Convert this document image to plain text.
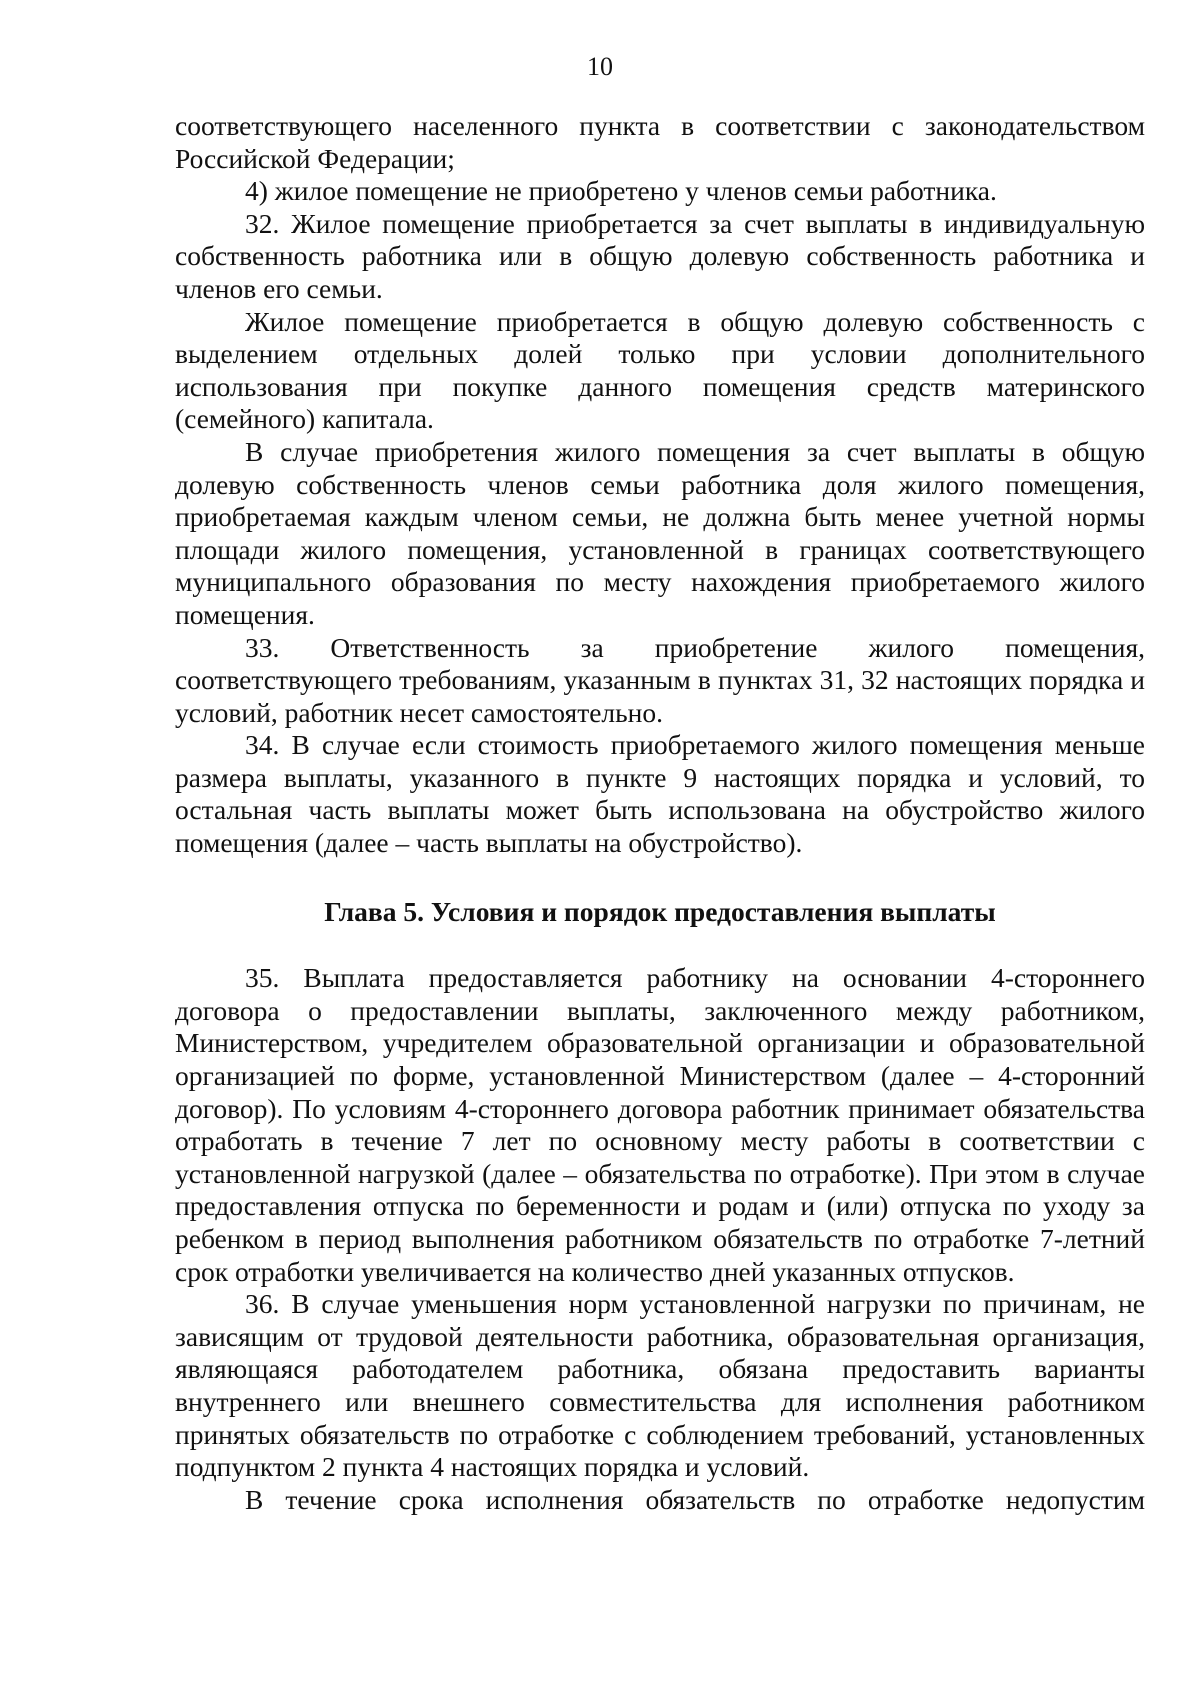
10

соответствующего населенного пункта в соответствии с законодательством Российской Федерации;

4) жилое помещение не приобретено у членов семьи работника.

32. Жилое помещение приобретается за счет выплаты в индивидуальную собственность работника или в общую долевую собственность работника и членов его семьи.

Жилое помещение приобретается в общую долевую собственность с выделением отдельных долей только при условии дополнительного использования при покупке данного помещения средств материнского (семейного) капитала.

В случае приобретения жилого помещения за счет выплаты в общую долевую собственность членов семьи работника доля жилого помещения, приобретаемая каждым членом семьи, не должна быть менее учетной нормы площади жилого помещения, установленной в границах соответствующего муниципального образования по месту нахождения приобретаемого жилого помещения.

33. Ответственность за приобретение жилого помещения, соответствующего требованиям, указанным в пунктах 31, 32 настоящих порядка и условий, работник несет самостоятельно.

34. В случае если стоимость приобретаемого жилого помещения меньше размера выплаты, указанного в пункте 9 настоящих порядка и условий, то остальная часть выплаты может быть использована на обустройство жилого помещения (далее – часть выплаты на обустройство).

Глава 5. Условия и порядок предоставления выплаты

35. Выплата предоставляется работнику на основании 4-стороннего договора о предоставлении выплаты, заключенного между работником, Министерством, учредителем образовательной организации и образовательной организацией по форме, установленной Министерством (далее – 4-сторонний договор). По условиям 4-стороннего договора работник принимает обязательства отработать в течение 7 лет по основному месту работы в соответствии с установленной нагрузкой (далее – обязательства по отработке). При этом в случае предоставления отпуска по беременности и родам и (или) отпуска по уходу за ребенком в период выполнения работником обязательств по отработке 7-летний срок отработки увеличивается на количество дней указанных отпусков.

36. В случае уменьшения норм установленной нагрузки по причинам, не зависящим от трудовой деятельности работника, образовательная организация, являющаяся работодателем работника, обязана предоставить варианты внутреннего или внешнего совместительства для исполнения работником принятых обязательств по отработке с соблюдением требований, установленных подпунктом 2 пункта 4 настоящих порядка и условий.

В течение срока исполнения обязательств по отработке недопустим
